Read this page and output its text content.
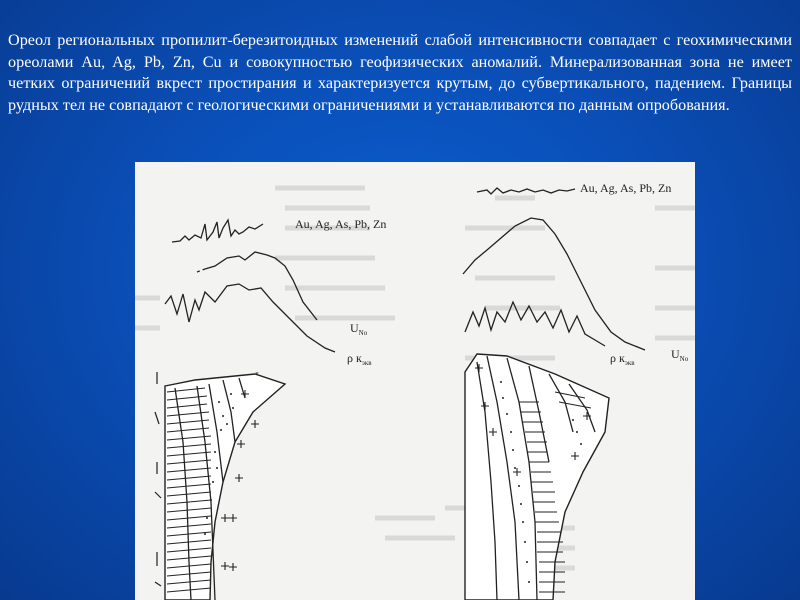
Ореол региональных пропилит-березитоидных изменений слабой интенсивности совпадает с геохимическими ореолами Au, Ag, Pb, Zn, Cu и совокупностью геофизических аномалий. Минерализованная зона не имеет четких ограничений вкрест простирания и характеризуется крутым, до субвертикального, падением. Границы рудных тел не совпадают с геологическими ограничениями и устанавливаются по данным опробования.

Au, Ag, As, Pb, Zn
$U_{No}$
ρ $к_{экв}$
Au, Ag, As, Pb, Zn
$U_{No}$
ρ $к_{экв}$
